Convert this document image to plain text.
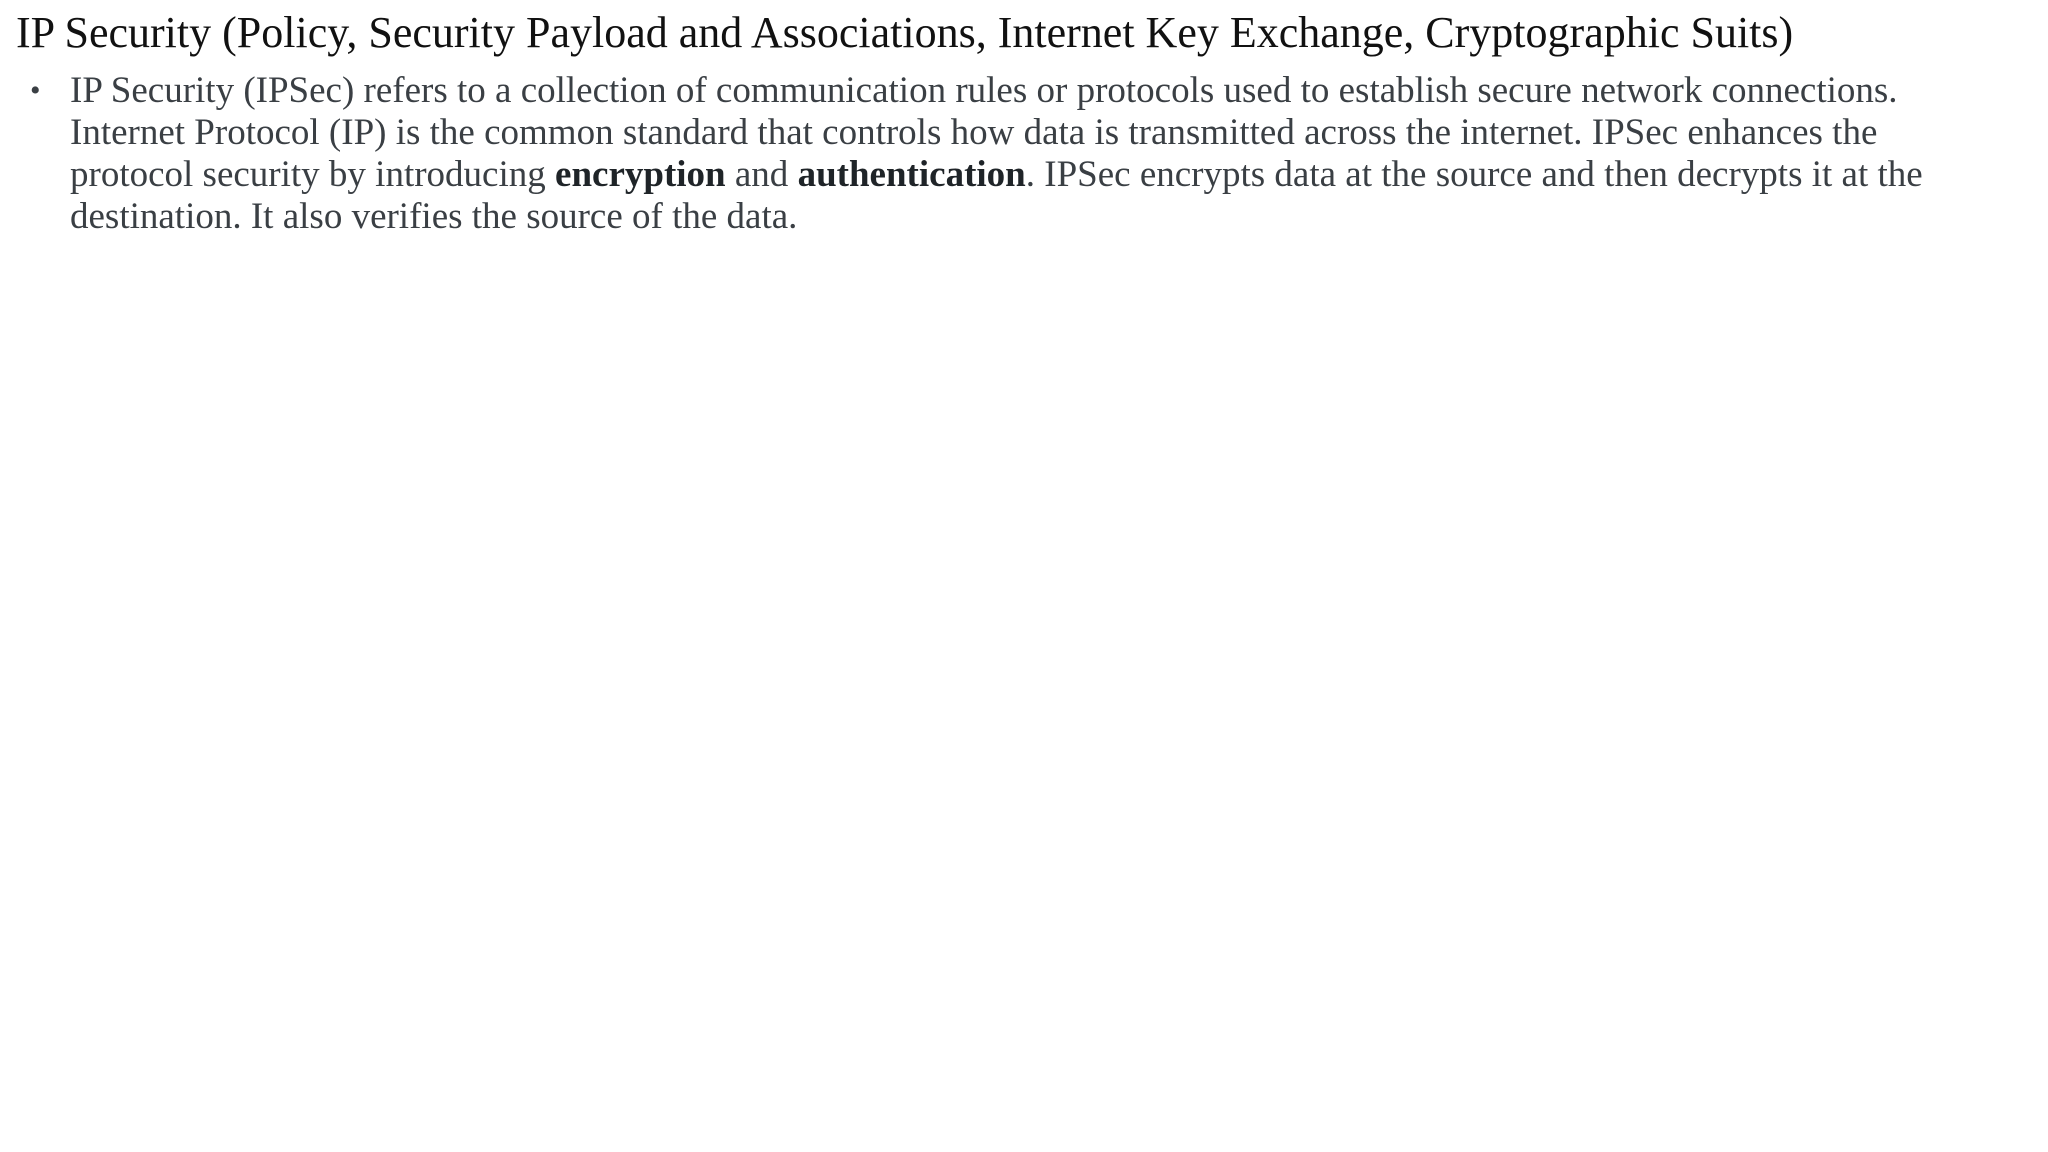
IP Security (Policy, Security Payload and Associations, Internet Key Exchange, Cryptographic Suits)
• IP Security (IPSec) refers to a collection of communication rules or protocols used to establish secure network connections.
Internet Protocol (IP) is the common standard that controls how data is transmitted across the internet. IPSec enhances the
protocol security by introducing encryption and authentication. IPSec encrypts data at the source and then decrypts it at the
destination. It also verifies the source of the data.
